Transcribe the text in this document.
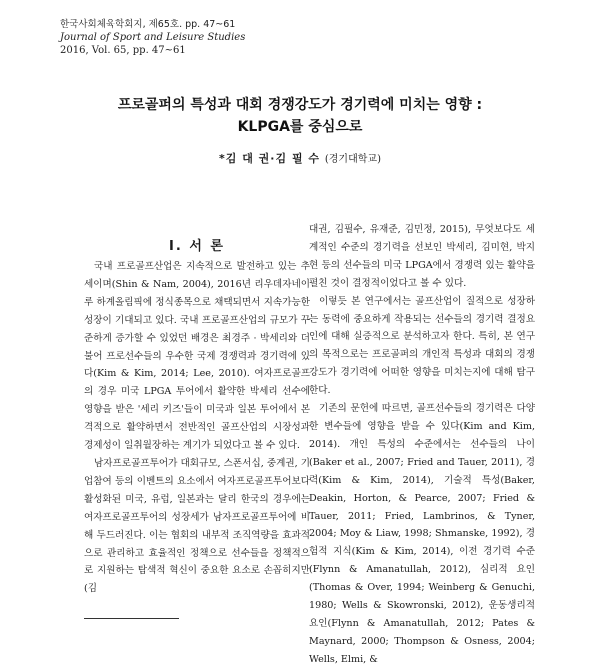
한국사회체육학회지, 제65호. pp. 47~61
Journal of Sport and Leisure Studies
2016, Vol. 65, pp. 47~61
프로골퍼의 특성과 대회 경쟁강도가 경기력에 미치는 영향 :
KLPGA를 중심으로
*김 대 권·김 필 수 (경기대학교)
Ⅰ. 서 론

국내 프로골프산업은 지속적으로 발전하고 있는 추세이며(Shin & Nam, 2004), 2016년 리우데자네이루 하계올림픽에 정식종목으로 채택되면서 지속가능한 성장이 기대되고 있다. 국내 프로골프산업의 규모가 꾸준하게 증가할 수 있었던 배경은 최경주 · 박세리와 더불어 프로선수들의 우수한 국제 경쟁력과 경기력에 있다(Kim & Kim, 2014; Lee, 2010). 여자프로골프의 경우 미국 LPGA 투어에서 활약한 박세리 선수에 영향을 받은 '세리 키즈'들이 미국과 일본 투어에서 본격적으로 활약하면서 전반적인 골프산업의 시장성과 경제성이 일취월장하는 계기가 되었다고 볼 수 있다.

남자프로골프투어가 대회규모, 스폰서십, 중계권, 기업참여 등의 이벤트의 요소에서 여자프로골프투어보다 활성화된 미국, 유럽, 일본과는 달리 한국의 경우에는 여자프로골프투어의 성장세가 남자프로골프투어에 비해 두드러진다. 이는 협회의 내부적 조직역량을 효과적으로 관리하고 효율적인 정책으로 선수들을 정책적으로 지원하는 탐색적 혁신이 중요한 요소로 손꼽히지만(김

대권, 김필수, 유재준, 김민정, 2015), 무엇보다도 세계적인 수준의 경기력을 선보인 박세리, 김미현, 박지현 등의 선수들의 미국 LPGA에서 경쟁력 있는 활약을 펼친 것이 결정적이었다고 볼 수 있다.

이렇듯 본 연구에서는 골프산업이 질적으로 성장하는 동력에 중요하게 작용되는 선수들의 경기력 결정요인에 대해 실증적으로 분석하고자 한다. 특히, 본 연구의 목적으로는 프로골퍼의 개인적 특성과 대회의 경쟁강도가 경기력에 어떠한 영향을 미치는지에 대해 탐구한다.

기존의 문헌에 따르면, 골프선수들의 경기력은 다양한 변수들에 영향을 받을 수 있다(Kim and Kim, 2014). 개인 특성의 수준에서는 선수들의 나이(Baker et al., 2007; Fried and Tauer, 2011), 경력(Kim & Kim, 2014), 기술적 특성(Baker, Deakin, Horton, & Pearce, 2007; Fried & Tauer, 2011; Fried, Lambrinos, & Tyner, 2004; Moy & Liaw, 1998; Shmanske, 1992), 경험적 지식(Kim & Kim, 2014), 이전 경기력 수준(Flynn & Amanatullah, 2012), 심리적 요인(Thomas & Over, 1994; Weinberg & Genuchi, 1980; Wells & Skowronski, 2012), 운동생리적 요인(Flynn & Amanatullah, 2012; Pates & Maynard, 2000; Thompson & Osness, 2004; Wells, Elmi, &
